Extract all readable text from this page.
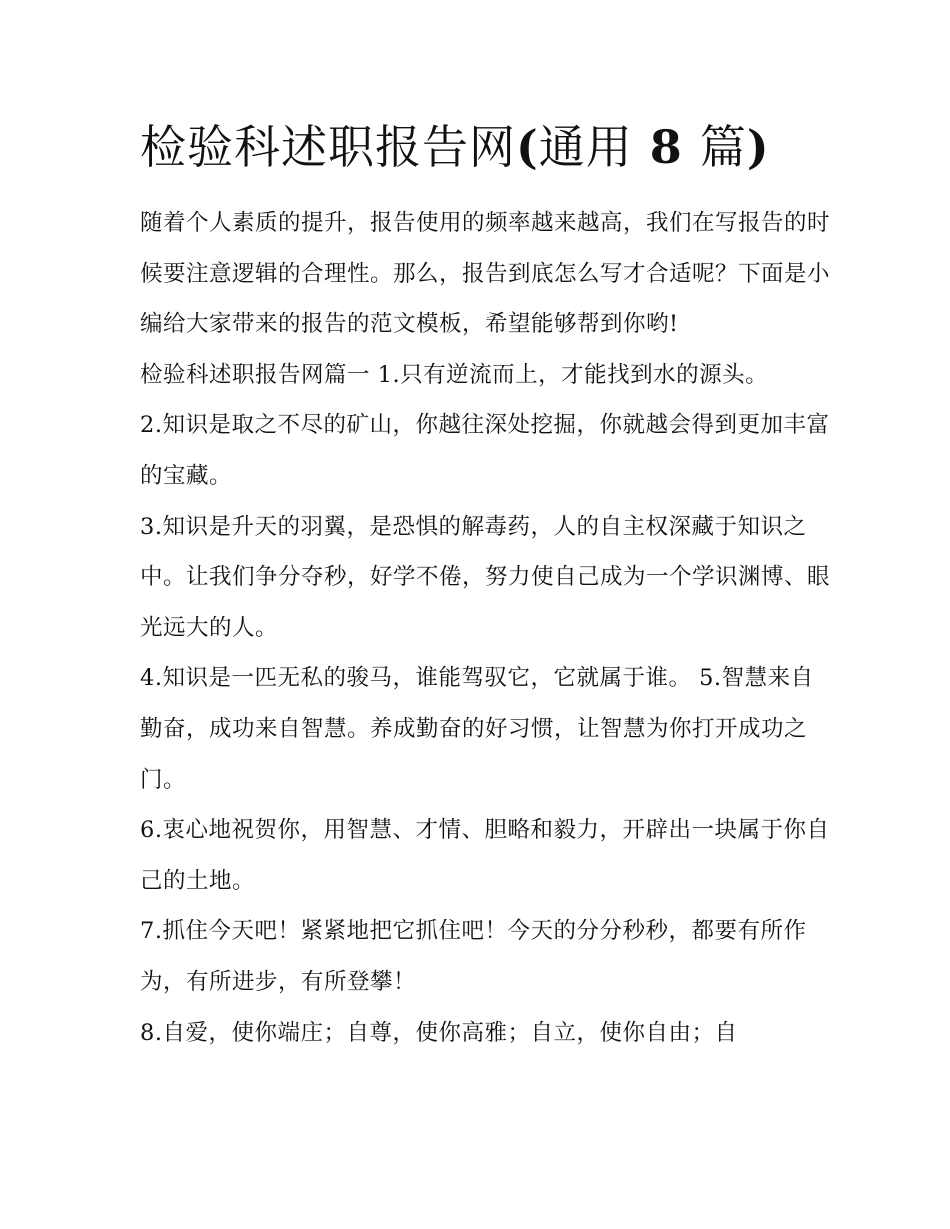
检验科述职报告网(通用 8 篇)

随着个人素质的提升，报告使用的频率越来越高，我们在写报告的时候要注意逻辑的合理性。那么，报告到底怎么写才合适呢？下面是小编给大家带来的报告的范文模板，希望能够帮到你哟!

检验科述职报告网篇一 1.只有逆流而上，才能找到水的源头。

2.知识是取之不尽的矿山，你越往深处挖掘，你就越会得到更加丰富的宝藏。

3.知识是升天的羽翼，是恐惧的解毒药，人的自主权深藏于知识之中。让我们争分夺秒，好学不倦，努力使自己成为一个学识渊博、眼光远大的人。

4.知识是一匹无私的骏马，谁能驾驭它，它就属于谁。 5.智慧来自勤奋，成功来自智慧。养成勤奋的好习惯，让智慧为你打开成功之门。

6.衷心地祝贺你，用智慧、才情、胆略和毅力，开辟出一块属于你自己的土地。

7.抓住今天吧！紧紧地把它抓住吧！今天的分分秒秒，都要有所作为，有所进步，有所登攀！

8.自爱，使你端庄；自尊，使你高雅；自立，使你自由；自
